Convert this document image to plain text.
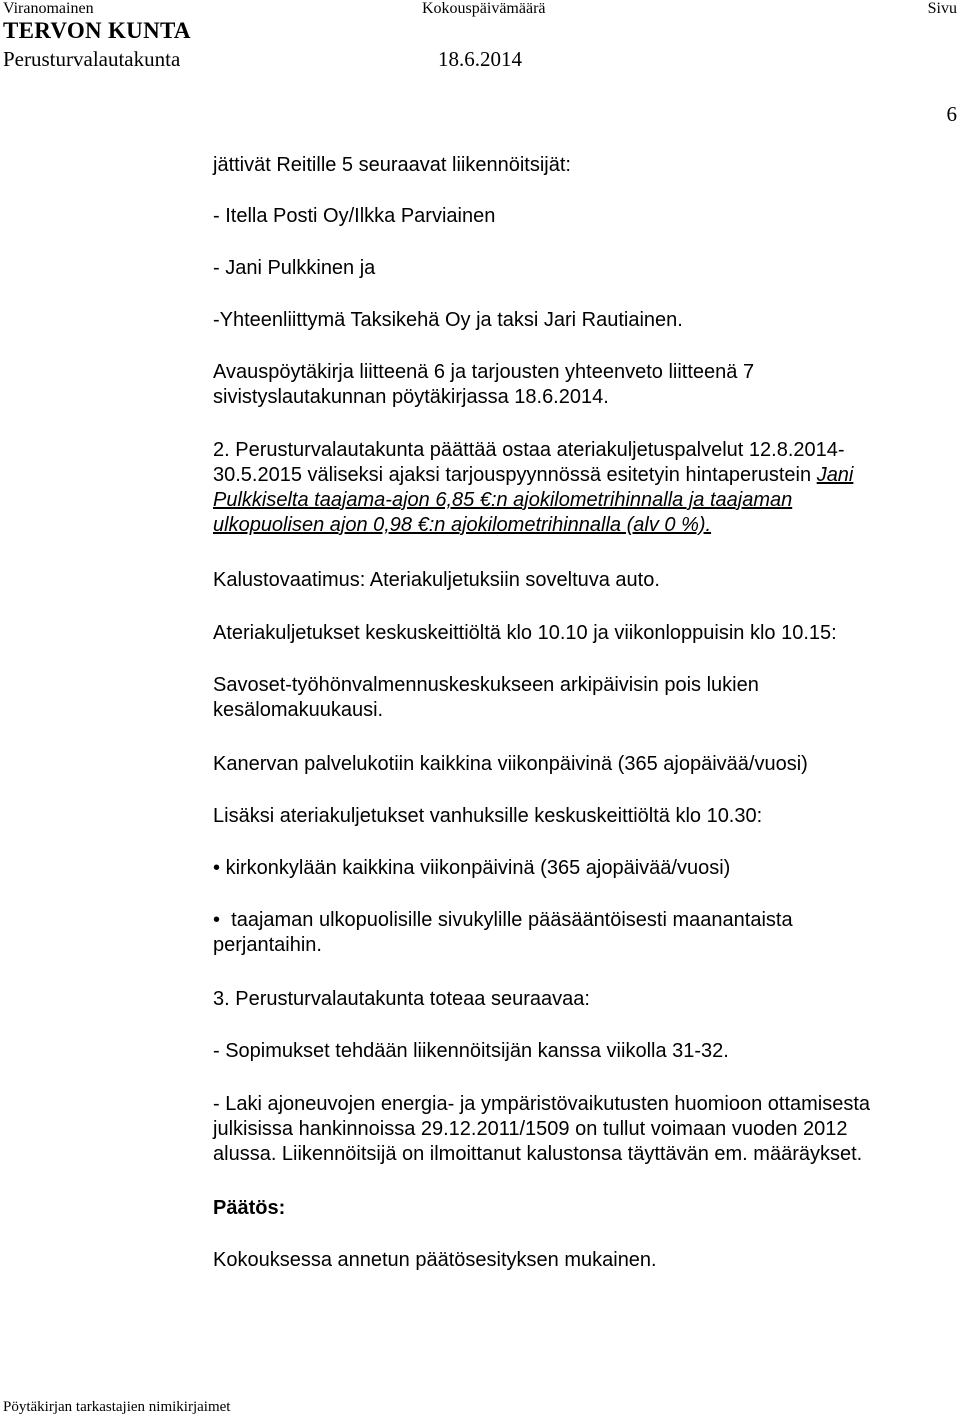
Viranomainen	Kokouspäivämäärä	Sivu
TERVON KUNTA
Perusturvalautakunta	18.6.2014
6
jättivät Reitille 5 seuraavat liikennöitsijät:
- Itella Posti Oy/Ilkka Parviainen
- Jani Pulkkinen ja
-Yhteenliittymä Taksikehä Oy ja taksi Jari Rautiainen.
Avauspöytäkirja liitteenä 6 ja tarjousten yhteenveto liitteenä 7
sivistyslautakunnan pöytäkirjassa 18.6.2014.
2. Perusturvalautakunta päättää ostaa ateriakuljetuspalvelut 12.8.2014-
30.5.2015 väliseksi ajaksi tarjouspyynnössä esitetyin hintaperustein Jani
Pulkkiselta taajama-ajon 6,85 €:n ajokilometrihinnalla ja taajaman
ulkopuolisen ajon 0,98 €:n ajokilometrihinnalla (alv 0 %).
Kalustovaatimus: Ateriakuljetuksiin soveltuva auto.
Ateriakuljetukset keskuskeittiöltä klo 10.10 ja viikonloppuisin klo 10.15:
Savoset-työhönvalmennuskeskukseen arkipäivisin pois lukien
kesälomakuukausi.
Kanervan palvelukotiin kaikkina viikonpäivinä (365 ajopäivää/vuosi)
Lisäksi ateriakuljetukset vanhuksille keskuskeittiöltä klo 10.30:
• kirkonkylään kaikkina viikonpäivinä (365 ajopäivää/vuosi)
• taajaman ulkopuolisille sivukylille pääsääntöisesti maanantaista
perjantaihin.
3. Perusturvalautakunta toteaa seuraavaa:
- Sopimukset tehdään liikennöitsijän kanssa viikolla 31-32.
- Laki ajoneuvojen energia- ja ympäristövaikutusten huomioon ottamisesta
julkisissa hankinnoissa 29.12.2011/1509 on tullut voimaan vuoden 2012
alussa. Liikennöitsijä on ilmoittanut kalustonsa täyttävän em. määräykset.
Päätös:
Kokouksessa annetun päätösesityksen mukainen.
Pöytäkirjan tarkastajien nimikirjaimet
